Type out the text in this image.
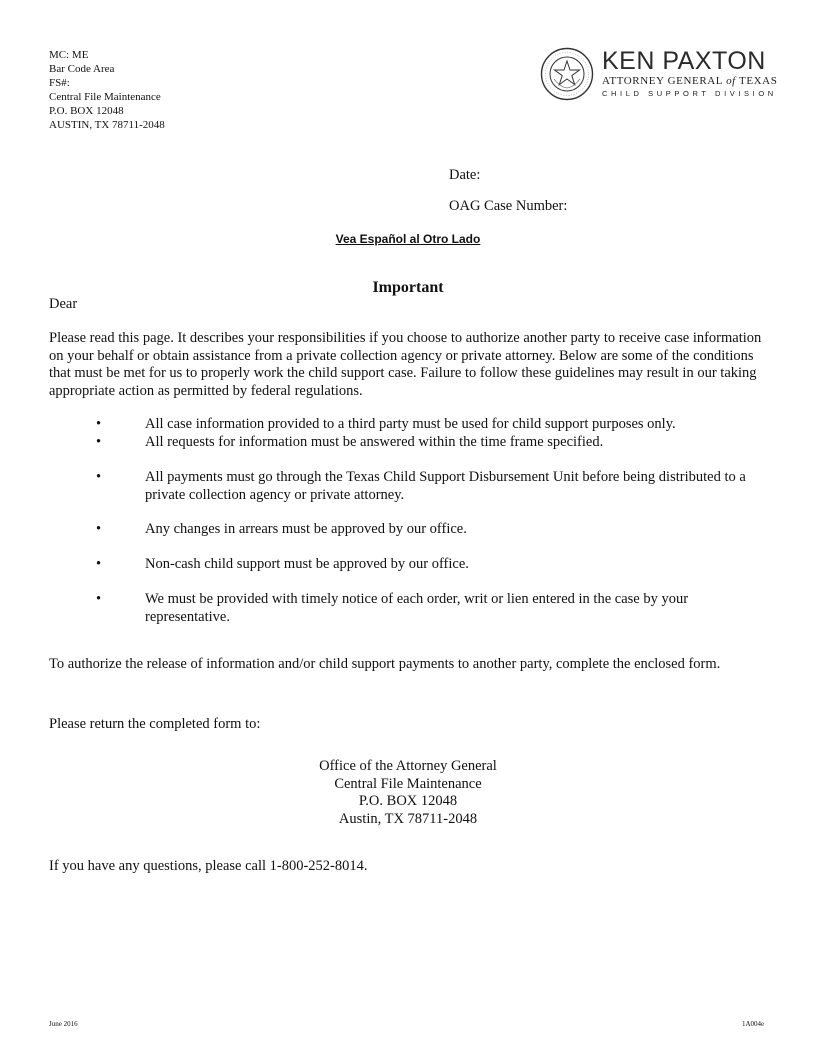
MC: ME
Bar Code Area
FS#:
Central File Maintenance
P.O. BOX 12048
AUSTIN, TX 78711-2048
KEN PAXTON
ATTORNEY GENERAL of TEXAS
CHILD SUPPORT DIVISION
Date:
OAG Case Number:
Vea Español al Otro Lado
Important
Dear
Please read this page. It describes your responsibilities if you choose to authorize another party to receive case information on your behalf or obtain assistance from a private collection agency or private attorney. Below are some of the conditions that must be met for us to properly work the child support case. Failure to follow these guidelines may result in our taking appropriate action as permitted by federal regulations.
•	All case information provided to a third party must be used for child support purposes only.
•	All requests for information must be answered within the time frame specified.
•	All payments must go through the Texas Child Support Disbursement Unit before being distributed to a private collection agency or private attorney.
•	Any changes in arrears must be approved by our office.
•	Non-cash child support must be approved by our office.
•	We must be provided with timely notice of each order, writ or lien entered in the case by your representative.
To authorize the release of information and/or child support payments to another party, complete the enclosed form.
Please return the completed form to:
Office of the Attorney General
Central File Maintenance
P.O. BOX 12048
Austin, TX 78711-2048
If you have any questions, please call 1-800-252-8014.
June 2016	1A004e
